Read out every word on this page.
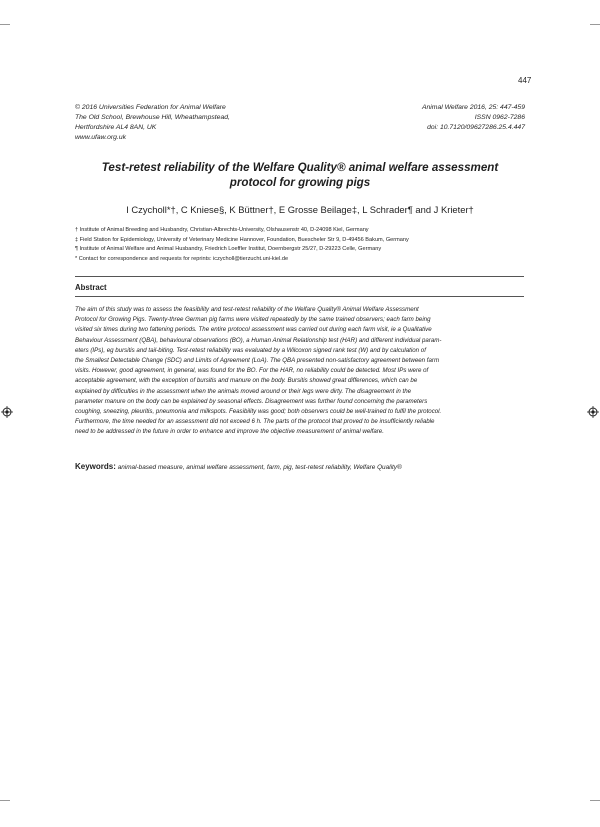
447
© 2016 Universities Federation for Animal Welfare
The Old School, Brewhouse Hill, Wheathampstead,
Hertfordshire AL4 8AN, UK
www.ufaw.org.uk
Animal Welfare 2016, 25: 447-459
ISSN 0962-7286
doi: 10.7120/09627286.25.4.447
Test-retest reliability of the Welfare Quality® animal welfare assessment
protocol for growing pigs
I Czycholl*†, C Kniese§, K Büttner†, E Grosse Beilage‡, L Schrader¶ and J Krieter†
† Institute of Animal Breeding and Husbandry, Christian-Albrechts-University, Olshausenstr 40, D-24098 Kiel, Germany
‡ Field Station for Epidemiology, University of Veterinary Medicine Hannover, Foundation, Buescheler Str 9, D-49456 Bakum, Germany
¶ Institute of Animal Welfare and Animal Husbandry, Friedrich Loeffler Institut, Doernbergstr 25/27, D-29223 Celle, Germany
* Contact for correspondence and requests for reprints: iczycholl@tierzucht.uni-kiel.de
Abstract
The aim of this study was to assess the feasibility and test-retest reliability of the Welfare Quality® Animal Welfare Assessment
Protocol for Growing Pigs. Twenty-three German pig farms were visited repeatedly by the same trained observers; each farm being
visited six times during two fattening periods. The entire protocol assessment was carried out during each farm visit, ie a Qualitative
Behaviour Assessment (QBA), behavioural observations (BO), a Human Animal Relationship test (HAR) and different individual param-
eters (IPs), eg bursitis and tail-biting. Test-retest reliability was evaluated by a Wilcoxon signed rank test (W) and by calculation of
the Smallest Detectable Change (SDC) and Limits of Agreement (LoA). The QBA presented non-satisfactory agreement between farm
visits. However, good agreement, in general, was found for the BO. For the HAR, no reliability could be detected. Most IPs were of
acceptable agreement, with the exception of bursitis and manure on the body. Bursitis showed great differences, which can be
explained by difficulties in the assessment when the animals moved around or their legs were dirty. The disagreement in the
parameter manure on the body can be explained by seasonal effects. Disagreement was further found concerning the parameters
coughing, sneezing, pleuritis, pneumonia and milkspots. Feasibility was good; both observers could be well-trained to fulfil the protocol.
Furthermore, the time needed for an assessment did not exceed 6 h. The parts of the protocol that proved to be insufficiently reliable
need to be addressed in the future in order to enhance and improve the objective measurement of animal welfare.
Keywords: animal-based measure, animal welfare assessment, farm, pig, test-retest reliability, Welfare Quality®
